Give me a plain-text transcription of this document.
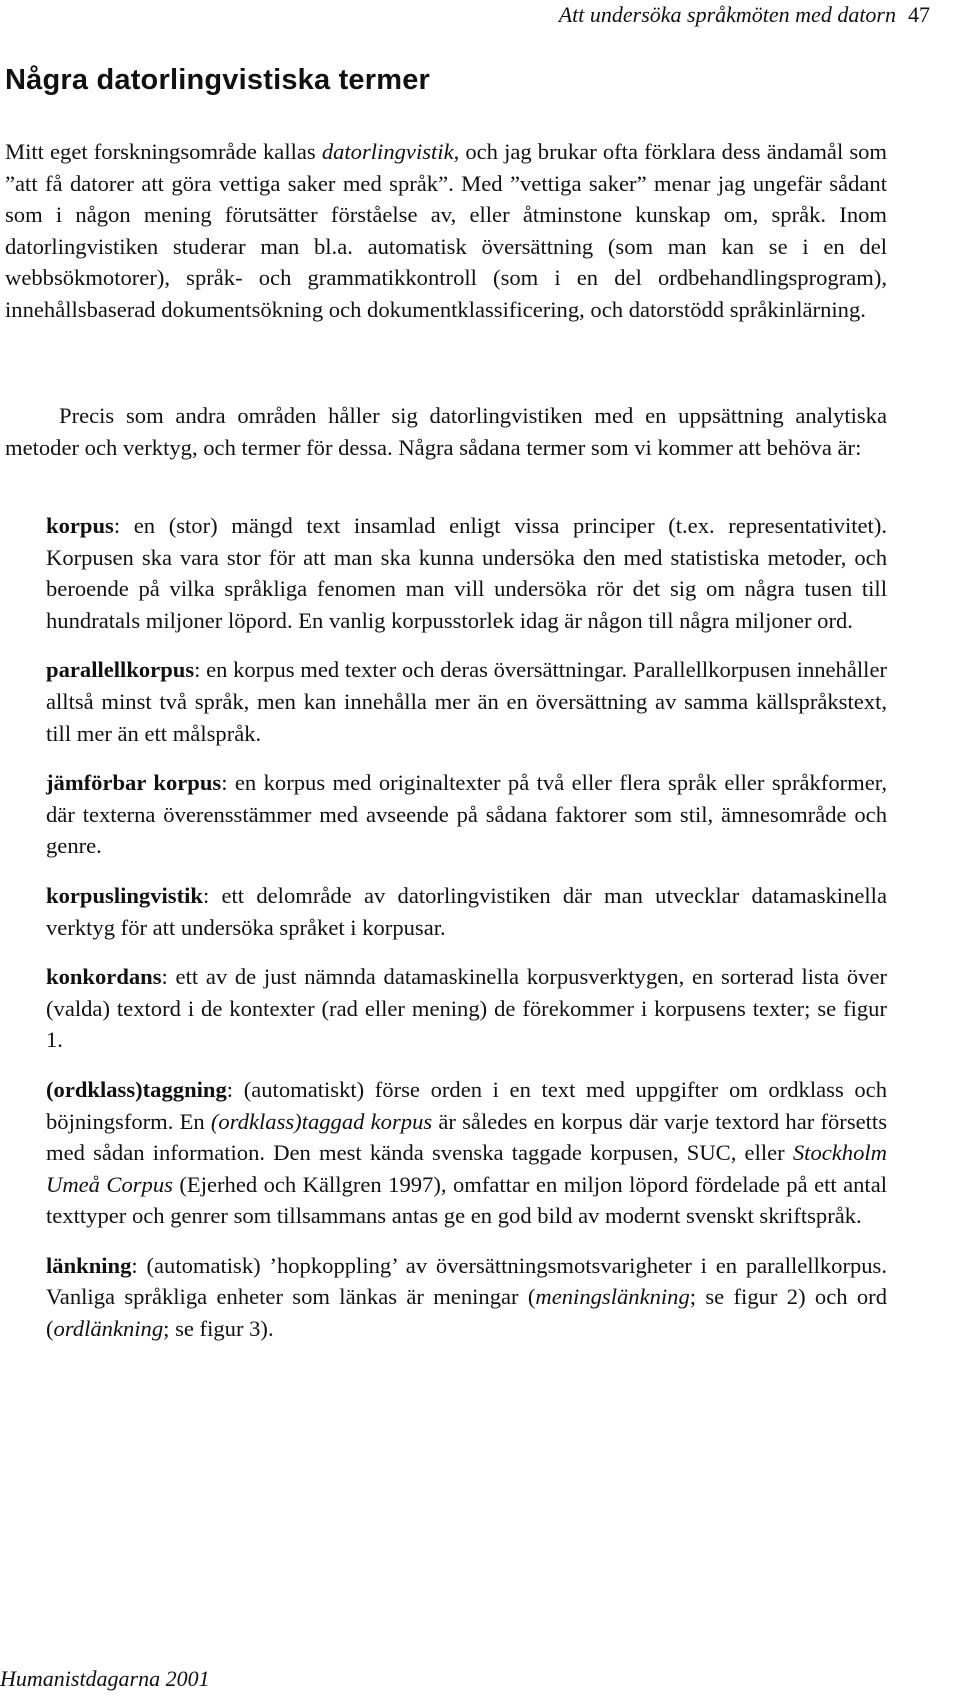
Att undersöka språkmöten med datorn 47
Några datorlingvistiska termer

Mitt eget forskningsområde kallas datorlingvistik, och jag brukar ofta förklara dess ändamål som ”att få datorer att göra vettiga saker med språk”. Med ”vettiga saker” menar jag ungefär sådant som i någon mening förutsätter förståelse av, eller åtminstone kunskap om, språk. Inom datorlingvistiken studerar man bl.a. automatisk översättning (som man kan se i en del webbsökmotorer), språk- och grammatikkontroll (som i en del ordbehandlingsprogram), innehållsbaserad dokumentsökning och dokumentklassificering, och datorstödd språkinlärning.

Precis som andra områden håller sig datorlingvistiken med en uppsättning analytiska metoder och verktyg, och termer för dessa. Några sådana termer som vi kommer att behöva är:

korpus: en (stor) mängd text insamlad enligt vissa principer (t.ex. representativitet). Korpusen ska vara stor för att man ska kunna undersöka den med statistiska metoder, och beroende på vilka språkliga fenomen man vill undersöka rör det sig om några tusen till hundratals miljoner löpord. En vanlig korpusstorlek idag är någon till några miljoner ord.

parallellkorpus: en korpus med texter och deras översättningar. Parallellkorpusen innehåller alltså minst två språk, men kan innehålla mer än en översättning av samma källspråkstext, till mer än ett målspråk.

jämförbar korpus: en korpus med originaltexter på två eller flera språk eller språkformer, där texterna överensstämmer med avseende på sådana faktorer som stil, ämnesområde och genre.

korpuslingvistik: ett delområde av datorlingvistiken där man utvecklar datamaskinella verktyg för att undersöka språket i korpusar.

konkordans: ett av de just nämnda datamaskinella korpusverktygen, en sorterad lista över (valda) textord i de kontexter (rad eller mening) de förekommer i korpusens texter; se figur 1.

(ordklass)taggning: (automatiskt) förse orden i en text med uppgifter om ordklass och böjningsform. En (ordklass)taggad korpus är således en korpus där varje textord har försetts med sådan information. Den mest kända svenska taggade korpusen, SUC, eller Stockholm Umeå Corpus (Ejerhed och Källgren 1997), omfattar en miljon löpord fördelade på ett antal texttyper och genrer som tillsammans antas ge en god bild av modernt svenskt skriftspråk.

länkning: (automatisk) ’hopkoppling’ av översättningsmotsvarigheter i en parallellkorpus. Vanliga språkliga enheter som länkas är meningar (meningslänkning; se figur 2) och ord (ordlänkning; se figur 3).

Humanistdagarna 2001
